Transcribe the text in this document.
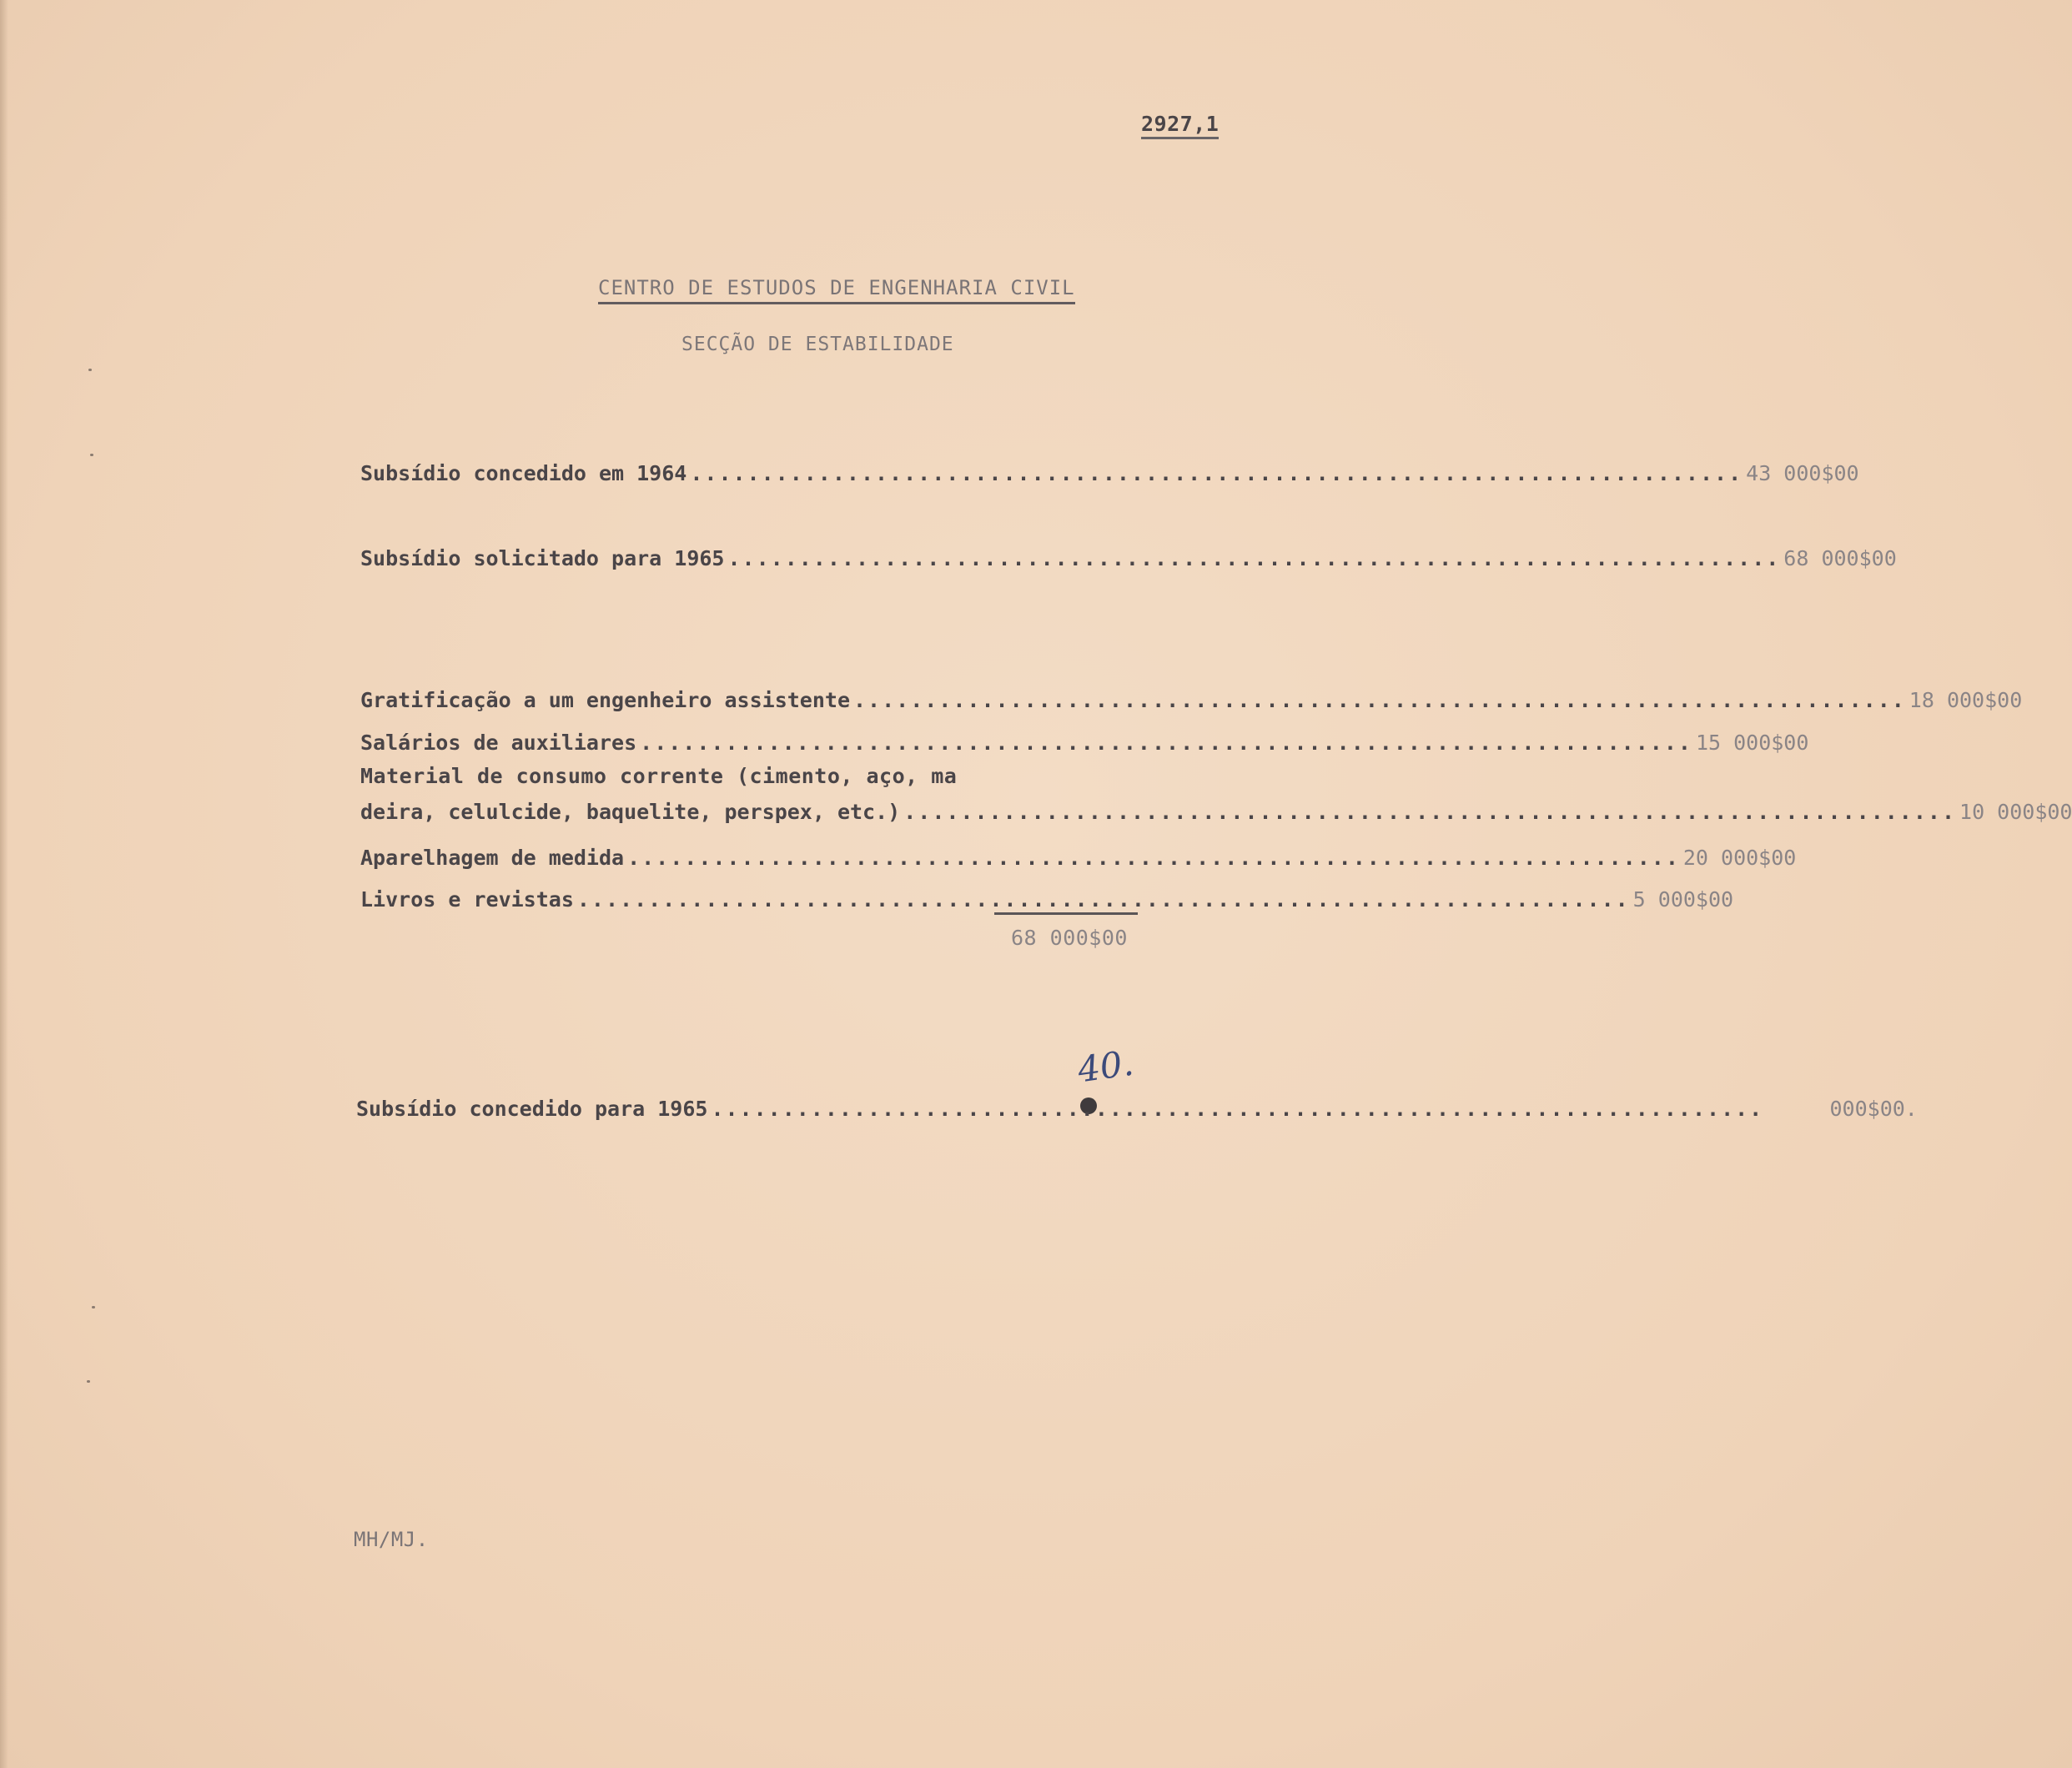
2927,1
CENTRO DE ESTUDOS DE ENGENHARIA CIVIL
SECÇÃO DE ESTABILIDADE
Subsídio concedido em 1964 .......................................................................... 43 000$00
Subsídio solicitado para 1965 .......................................................................... 68 000$00
Gratificação a um engenheiro assistente .......................................................................... 18 000$00
Salários de auxiliares .......................................................................... 15 000$00
Material de consumo corrente (cimento, aço, ma
deira, celulcide, baquelite, perspex, etc.) .......................................................................... 10 000$00
Aparelhagem de medida .......................................................................... 20 000$00
Livros e revistas .......................................................................... 5 000$00
68 000$00
40.
Subsídio concedido para 1965 ..........................................................................	000$00.
MH/MJ.
